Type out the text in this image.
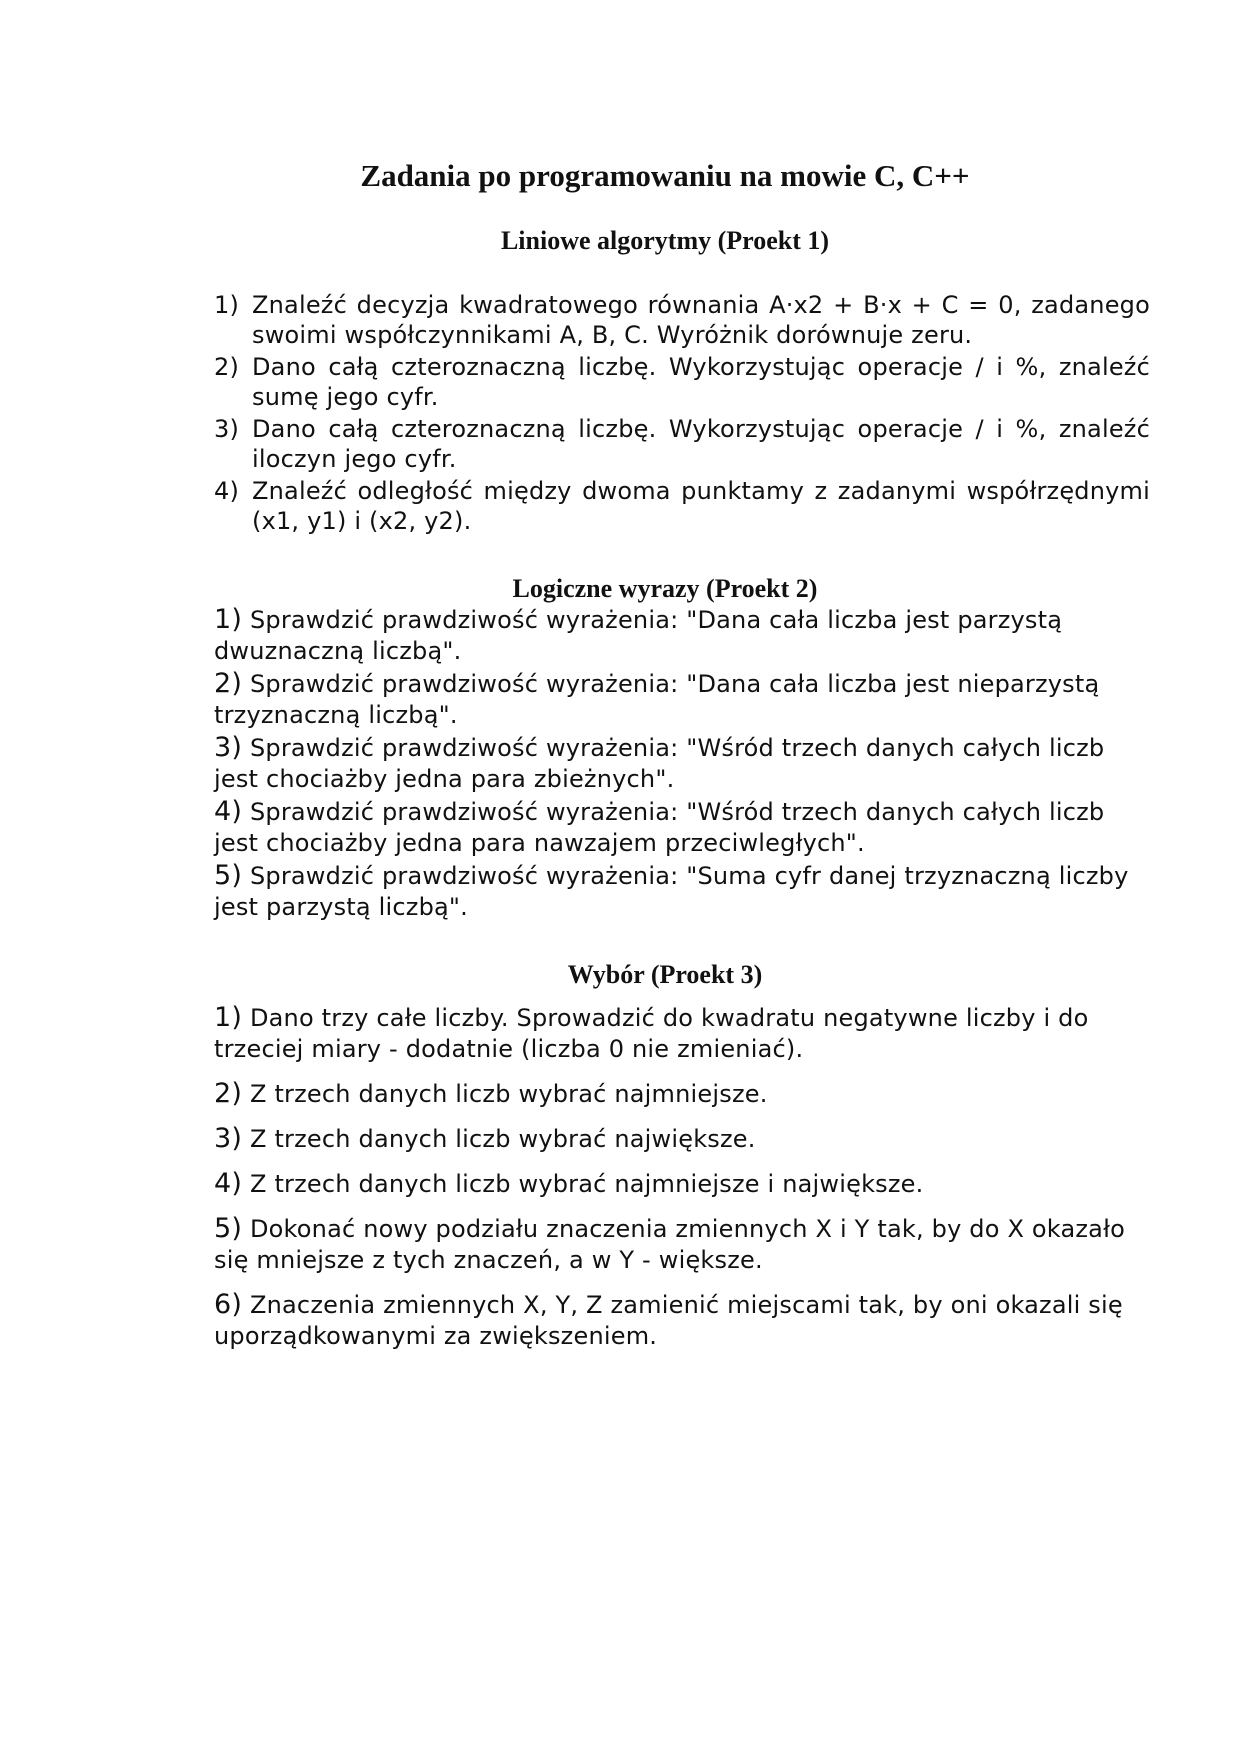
Zadania po programowaniu na mowie C, C++
Liniowe algorytmy (Proekt 1)
1) Znaleźć decyzja kwadratowego równania A·x2 + B·x + C = 0, zadanego swoimi współczynnikami A, B, C. Wyróżnik dorównuje zeru.
2) Dano całą czteroznaczną liczbę. Wykorzystując operacje / i %, znaleźć sumę jego cyfr.
3) Dano całą czteroznaczną liczbę. Wykorzystując operacje / i %, znaleźć iloczyn jego cyfr.
4) Znaleźć odległość między dwoma punktamy z zadanymi współrzędnymi (x1, y1) i (x2, y2).
Logiczne wyrazy (Proekt 2)
1) Sprawdzić prawdziwość wyrażenia: "Dana cała liczba jest parzystą dwuznaczną liczbą".
2) Sprawdzić prawdziwość wyrażenia: "Dana cała liczba jest nieparzystą trzyznaczną liczbą".
3) Sprawdzić prawdziwość wyrażenia: "Wśród trzech danych całych liczb jest chociażby jedna para zbieżnych".
4) Sprawdzić prawdziwość wyrażenia: "Wśród trzech danych całych liczb jest chociażby jedna para nawzajem przeciwległych".
5) Sprawdzić prawdziwość wyrażenia: "Suma cyfr danej trzyznaczną liczby jest parzystą liczbą".
Wybór (Proekt 3)
1) Dano trzy całe liczby. Sprowadzić do kwadratu negatywne liczby i do trzeciej miary - dodatnie (liczba 0 nie zmieniać).
2) Z trzech danych liczb wybrać najmniejsze.
3) Z trzech danych liczb wybrać największe.
4) Z trzech danych liczb wybrać najmniejsze i największe.
5) Dokonać nowy podziału znaczenia zmiennych X i Y tak, by do X okazało się mniejsze z tych znaczeń, a w Y - większe.
6) Znaczenia zmiennych X, Y, Z zamienić miejscami tak, by oni okazali się uporządkowanymi za zwiększeniem.
